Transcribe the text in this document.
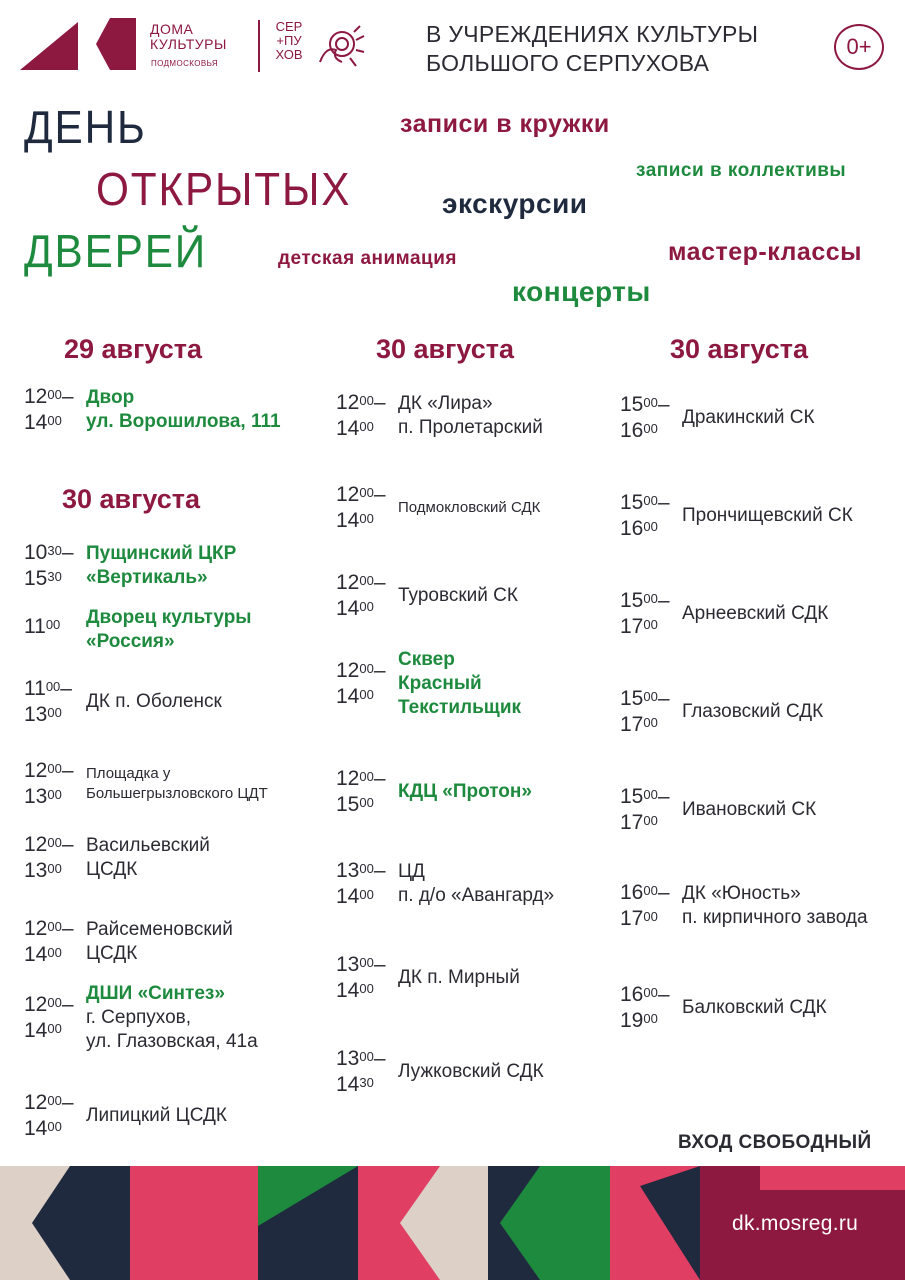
ДОМА
КУЛЬТУРЫ
ПОДМОСКОВЬЯ
СЕР
+ПУ
ХОВ
В УЧРЕЖДЕНИЯХ КУЛЬТУРЫ
БОЛЬШОГО СЕРПУХОВА
0+
ДЕНЬ
ОТКРЫТЫХ
ДВЕРЕЙ
записи в кружки
записи в коллективы
экскурсии
мастер-классы
детская анимация
концерты
29 августа
30 августа
30 августа	30 августа
$12^{00}-$
$14^{00}$
Двор
ул. Ворошилова, 111
$10^{30}-$
$15^{30}$
Пущинский ЦКР
«Вертикаль»
$11^{00}$	Дворец культуры
«Россия»
$11^{00}-$
$13^{00}$
ДК п. Оболенск
$12^{00}-$
$13^{00}$
Площадка у
Большегрызловского ЦДТ
$12^{00}-$
$13^{00}$
Васильевский
ЦСДК
$12^{00}-$
$14^{00}$
Райсеменовский
ЦСДК
$12^{00}-$
$14^{00}$
ДШИ «Синтез»
г. Серпухов,
ул. Глазовская, 41а
$12^{00}-$
$14^{00}$
Липицкий ЦСДК
$12^{00}-$
$14^{00}$
ДК «Лира»
п. Пролетарский
$12^{00}-$
$14^{00}$
Подмокловский СДК
$12^{00}-$
$14^{00}$
Туровский СК
$12^{00}-$
$14^{00}$
Сквер
Красный
Текстильщик
$12^{00}-$
$15^{00}$
КДЦ «Протон»
$13^{00}-$
$14^{00}$
ЦД
п. д/о «Авангард»
$13^{00}-$
$14^{00}$
ДК п. Мирный
$13^{00}-$
$14^{30}$
Лужковский СДК
$15^{00}-$
$16^{00}$
Дракинский СК
$15^{00}-$
$16^{00}$
Прончищевский СК
$15^{00}-$
$17^{00}$
Арнеевский СДК
$15^{00}-$
$17^{00}$
Глазовский СДК
$15^{00}-$
$17^{00}$
Ивановский СК
$16^{00}-$
$17^{00}$
ДК «Юность»
п. кирпичного завода
$16^{00}-$
$19^{00}$
Балковский СДК
ВХОД СВОБОДНЫЙ
dk.mosreg.ru
